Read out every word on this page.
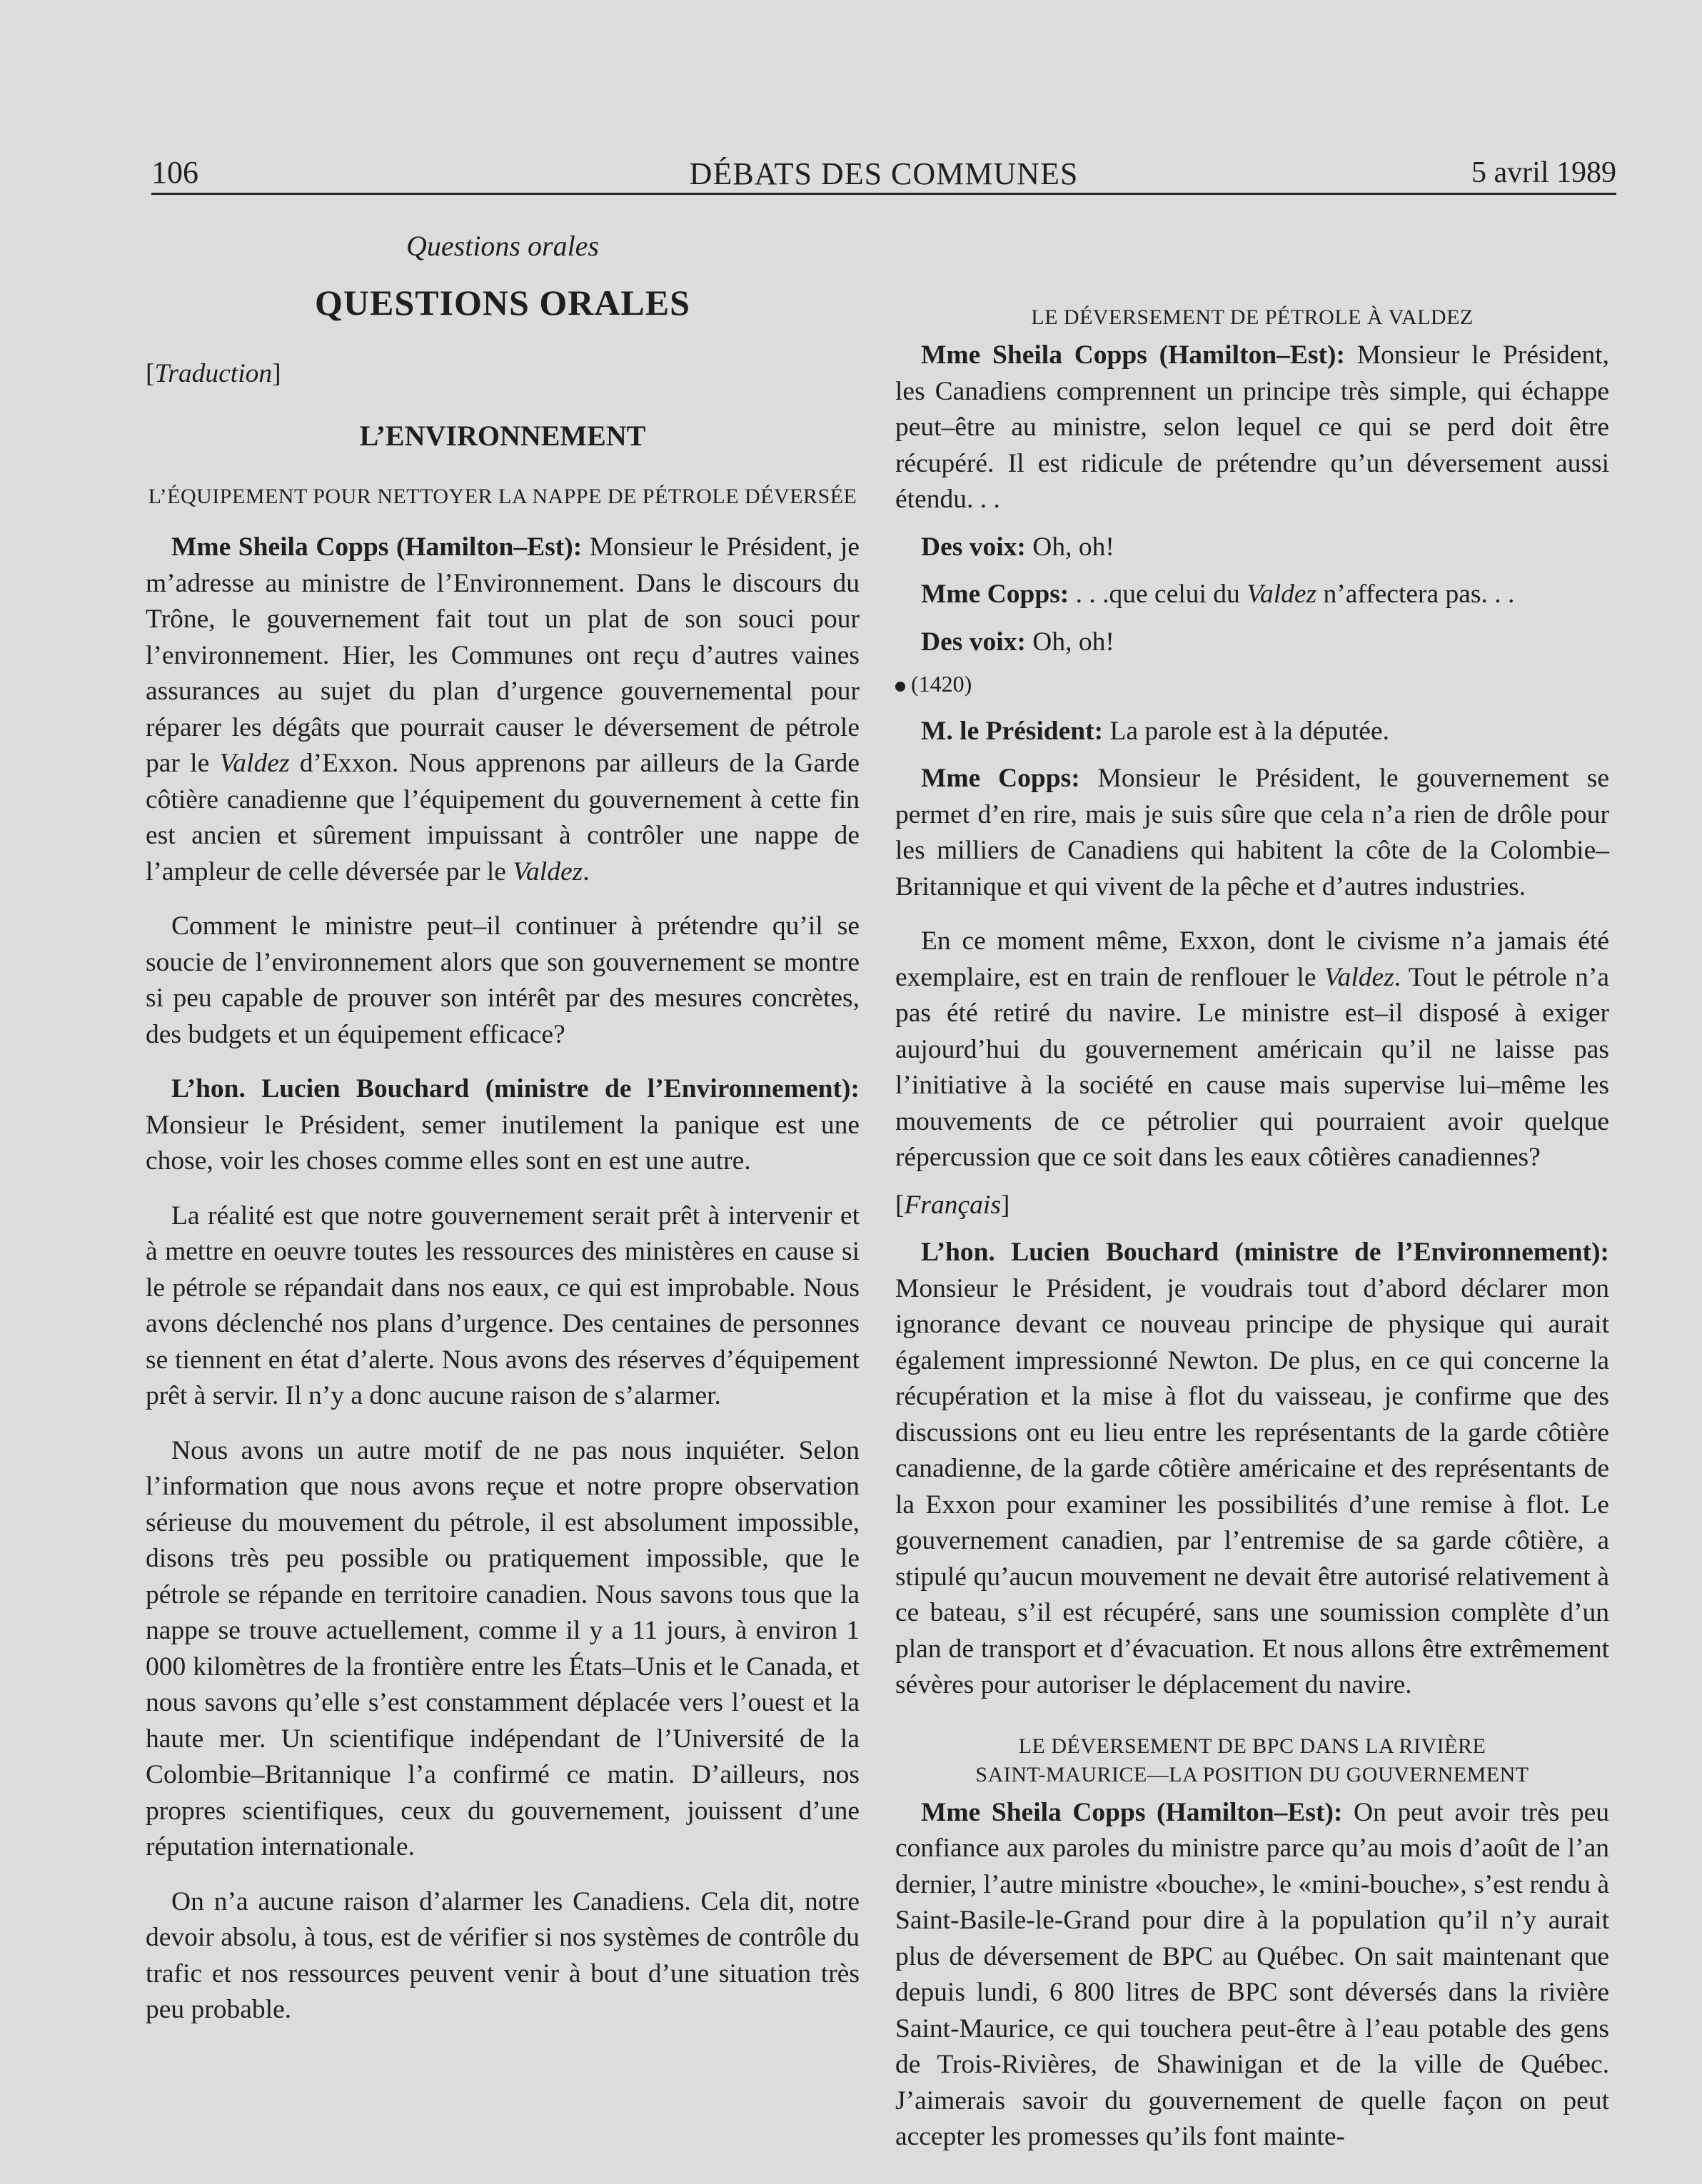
106	DÉBATS DES COMMUNES	5 avril 1989

Questions orales

QUESTIONS ORALES

[Traduction]

L’ENVIRONNEMENT

L’ÉQUIPEMENT POUR NETTOYER LA NAPPE DE PÉTROLE DÉVERSÉE

Mme Sheila Copps (Hamilton–Est): Monsieur le Président, je m’adresse au ministre de l’Environnement. Dans le discours du Trône, le gouvernement fait tout un plat de son souci pour l’environnement. Hier, les Communes ont reçu d’autres vaines assurances au sujet du plan d’urgence gouvernemental pour réparer les dégâts que pourrait causer le déversement de pétrole par le Valdez d’Exxon. Nous apprenons par ailleurs de la Garde côtière canadienne que l’équipement du gouvernement à cette fin est ancien et sûrement impuissant à contrôler une nappe de l’ampleur de celle déversée par le Valdez.

Comment le ministre peut–il continuer à prétendre qu’il se soucie de l’environnement alors que son gouvernement se montre si peu capable de prouver son intérêt par des mesures concrètes, des budgets et un équipement efficace?

L’hon. Lucien Bouchard (ministre de l’Environnement): Monsieur le Président, semer inutilement la panique est une chose, voir les choses comme elles sont en est une autre.

La réalité est que notre gouvernement serait prêt à intervenir et à mettre en oeuvre toutes les ressources des ministères en cause si le pétrole se répandait dans nos eaux, ce qui est improbable. Nous avons déclenché nos plans d’urgence. Des centaines de personnes se tiennent en état d’alerte. Nous avons des réserves d’équipement prêt à servir. Il n’y a donc aucune raison de s’alarmer.

Nous avons un autre motif de ne pas nous inquiéter. Selon l’information que nous avons reçue et notre propre observation sérieuse du mouvement du pétrole, il est absolument impossible, disons très peu possible ou pratiquement impossible, que le pétrole se répande en territoire canadien. Nous savons tous que la nappe se trouve actuellement, comme il y a 11 jours, à environ 1 000 kilomètres de la frontière entre les États–Unis et le Canada, et nous savons qu’elle s’est constamment déplacée vers l’ouest et la haute mer. Un scientifique indépendant de l’Université de la Colombie–Britannique l’a confirmé ce matin. D’ailleurs, nos propres scientifiques, ceux du gouvernement, jouissent d’une réputation internationale.

On n’a aucune raison d’alarmer les Canadiens. Cela dit, notre devoir absolu, à tous, est de vérifier si nos systèmes de contrôle du trafic et nos ressources peuvent venir à bout d’une situation très peu probable.

LE DÉVERSEMENT DE PÉTROLE À VALDEZ

Mme Sheila Copps (Hamilton–Est): Monsieur le Président, les Canadiens comprennent un principe très simple, qui échappe peut–être au ministre, selon lequel ce qui se perd doit être récupéré. Il est ridicule de prétendre qu’un déversement aussi étendu. . .

Des voix: Oh, oh!

Mme Copps: . . .que celui du Valdez n’affectera pas. . .

Des voix: Oh, oh!

(1420)

M. le Président: La parole est à la députée.

Mme Copps: Monsieur le Président, le gouvernement se permet d’en rire, mais je suis sûre que cela n’a rien de drôle pour les milliers de Canadiens qui habitent la côte de la Colombie–Britannique et qui vivent de la pêche et d’autres industries.

En ce moment même, Exxon, dont le civisme n’a jamais été exemplaire, est en train de renflouer le Valdez. Tout le pétrole n’a pas été retiré du navire. Le ministre est–il disposé à exiger aujourd’hui du gouvernement américain qu’il ne laisse pas l’initiative à la société en cause mais supervise lui–même les mouvements de ce pétrolier qui pourraient avoir quelque répercussion que ce soit dans les eaux côtières canadiennes?

[Français]

L’hon. Lucien Bouchard (ministre de l’Environnement): Monsieur le Président, je voudrais tout d’abord déclarer mon ignorance devant ce nouveau principe de physique qui aurait également impressionné Newton. De plus, en ce qui concerne la récupération et la mise à flot du vaisseau, je confirme que des discussions ont eu lieu entre les représentants de la garde côtière canadienne, de la garde côtière américaine et des représentants de la Exxon pour examiner les possibilités d’une remise à flot. Le gouvernement canadien, par l’entremise de sa garde côtière, a stipulé qu’aucun mouvement ne devait être autorisé relativement à ce bateau, s’il est récupéré, sans une soumission complète d’un plan de transport et d’évacuation. Et nous allons être extrêmement sévères pour autoriser le déplacement du navire.

LE DÉVERSEMENT DE BPC DANS LA RIVIÈRE
SAINT-MAURICE—LA POSITION DU GOUVERNEMENT

Mme Sheila Copps (Hamilton–Est): On peut avoir très peu confiance aux paroles du ministre parce qu’au mois d’août de l’an dernier, l’autre ministre «bouche», le «mini-bouche», s’est rendu à Saint-Basile-le-Grand pour dire à la population qu’il n’y aurait plus de déversement de BPC au Québec. On sait maintenant que depuis lundi, 6 800 litres de BPC sont déversés dans la rivière Saint-Maurice, ce qui touchera peut-être à l’eau potable des gens de Trois-Rivières, de Shawinigan et de la ville de Québec. J’aimerais savoir du gouvernement de quelle façon on peut accepter les promesses qu’ils font mainte-
